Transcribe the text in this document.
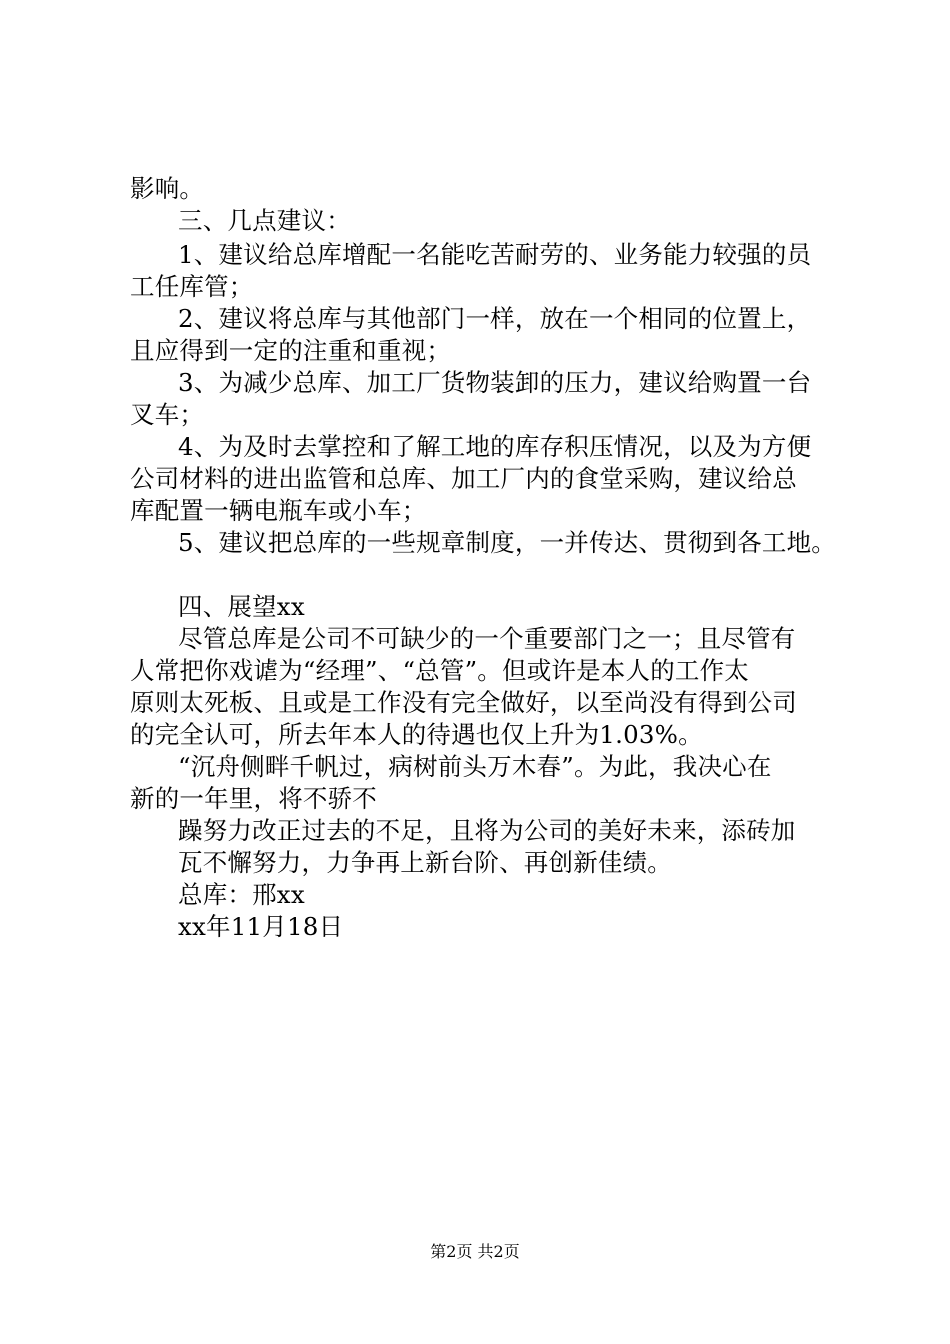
影响。
三、几点建议：
1、建议给总库增配一名能吃苦耐劳的、业务能力较强的员
工任库管；
2、建议将总库与其他部门一样，放在一个相同的位置上，
且应得到一定的注重和重视；
3、为减少总库、加工厂货物装卸的压力，建议给购置一台
叉车；
4、为及时去掌控和了解工地的库存积压情况，以及为方便
公司材料的进出监管和总库、加工厂内的食堂采购，建议给总
库配置一辆电瓶车或小车；
5、建议把总库的一些规章制度，一并传达、贯彻到各工地。
四、展望xx
尽管总库是公司不可缺少的一个重要部门之一；且尽管有
人常把你戏谑为“经理”、“总管”。但或许是本人的工作太
原则太死板、且或是工作没有完全做好，以至尚没有得到公司
的完全认可，所去年本人的待遇也仅上升为1.03%。
“沉舟侧畔千帆过，病树前头万木春”。为此，我决心在
新的一年里，将不骄不
躁努力改正过去的不足，且将为公司的美好未来，添砖加
瓦不懈努力，力争再上新台阶、再创新佳绩。
总库：邢xx
xx年11月18日
第2页 共2页
